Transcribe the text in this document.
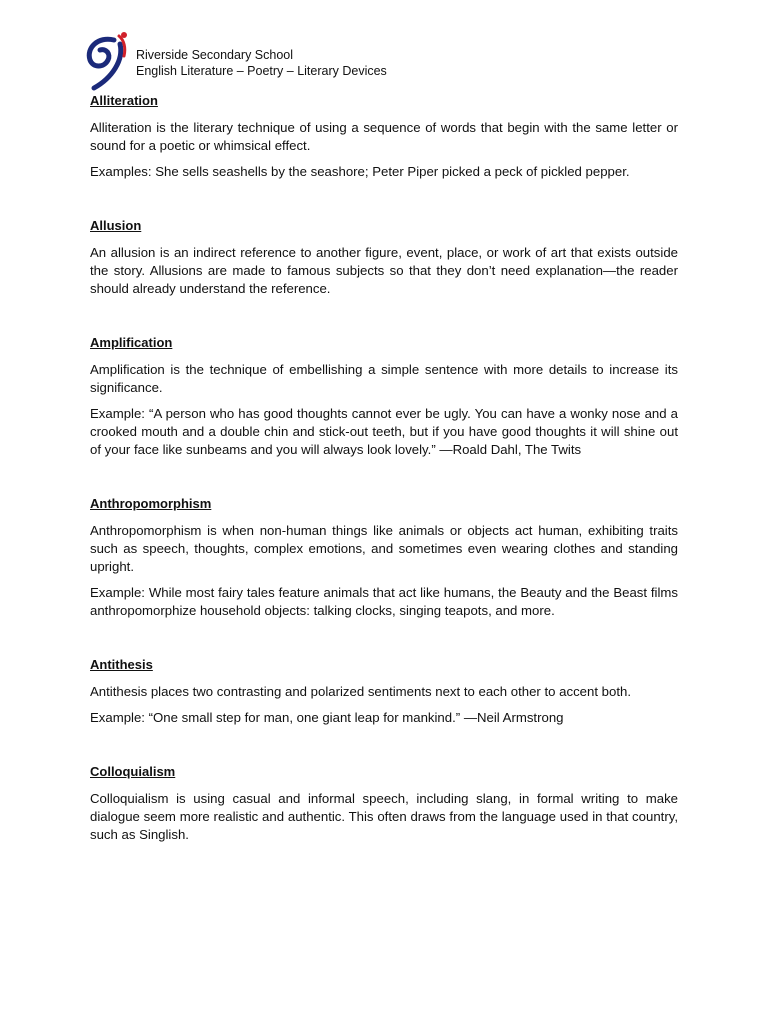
Riverside Secondary School
English Literature – Poetry – Literary Devices
Alliteration

Alliteration is the literary technique of using a sequence of words that begin with the same letter or sound for a poetic or whimsical effect.

Examples: She sells seashells by the seashore; Peter Piper picked a peck of pickled pepper.

Allusion

An allusion is an indirect reference to another figure, event, place, or work of art that exists outside the story. Allusions are made to famous subjects so that they don’t need explanation—the reader should already understand the reference.

Amplification

Amplification is the technique of embellishing a simple sentence with more details to increase its significance.

Example: “A person who has good thoughts cannot ever be ugly. You can have a wonky nose and a crooked mouth and a double chin and stick-out teeth, but if you have good thoughts it will shine out of your face like sunbeams and you will always look lovely.” —Roald Dahl, The Twits

Anthropomorphism

Anthropomorphism is when non-human things like animals or objects act human, exhibiting traits such as speech, thoughts, complex emotions, and sometimes even wearing clothes and standing upright.

Example: While most fairy tales feature animals that act like humans, the Beauty and the Beast films anthropomorphize household objects: talking clocks, singing teapots, and more.

Antithesis

Antithesis places two contrasting and polarized sentiments next to each other to accent both.

Example: “One small step for man, one giant leap for mankind.” —Neil Armstrong

Colloquialism

Colloquialism is using casual and informal speech, including slang, in formal writing to make dialogue seem more realistic and authentic. This often draws from the language used in that country, such as Singlish.
